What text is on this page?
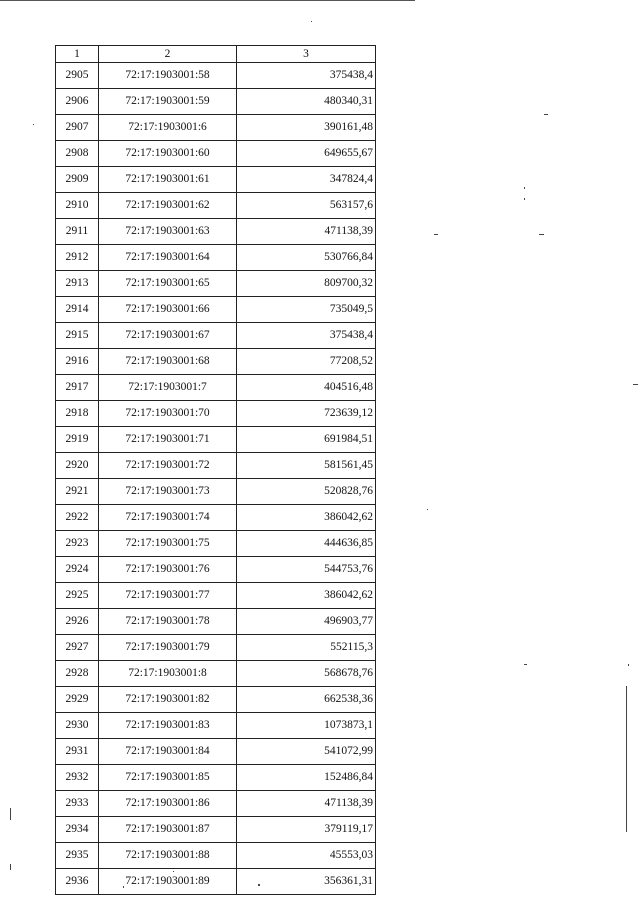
1	2	3
2905	72:17:1903001:58	375438,4
2906	72:17:1903001:59	480340,31
2907	72:17:1903001:6	390161,48
2908	72:17:1903001:60	649655,67
2909	72:17:1903001:61	347824,4
2910	72:17:1903001:62	563157,6
2911	72:17:1903001:63	471138,39
2912	72:17:1903001:64	530766,84
2913	72:17:1903001:65	809700,32
2914	72:17:1903001:66	735049,5
2915	72:17:1903001:67	375438,4
2916	72:17:1903001:68	77208,52
2917	72:17:1903001:7	404516,48
2918	72:17:1903001:70	723639,12
2919	72:17:1903001:71	691984,51
2920	72:17:1903001:72	581561,45
2921	72:17:1903001:73	520828,76
2922	72:17:1903001:74	386042,62
2923	72:17:1903001:75	444636,85
2924	72:17:1903001:76	544753,76
2925	72:17:1903001:77	386042,62
2926	72:17:1903001:78	496903,77
2927	72:17:1903001:79	552115,3
2928	72:17:1903001:8	568678,76
2929	72:17:1903001:82	662538,36
2930	72:17:1903001:83	1073873,1
2931	72:17:1903001:84	541072,99
2932	72:17:1903001:85	152486,84
2933	72:17:1903001:86	471138,39
2934	72:17:1903001:87	379119,17
2935	72:17:1903001:88	45553,03
2936	72:17:1903001:89	356361,31
